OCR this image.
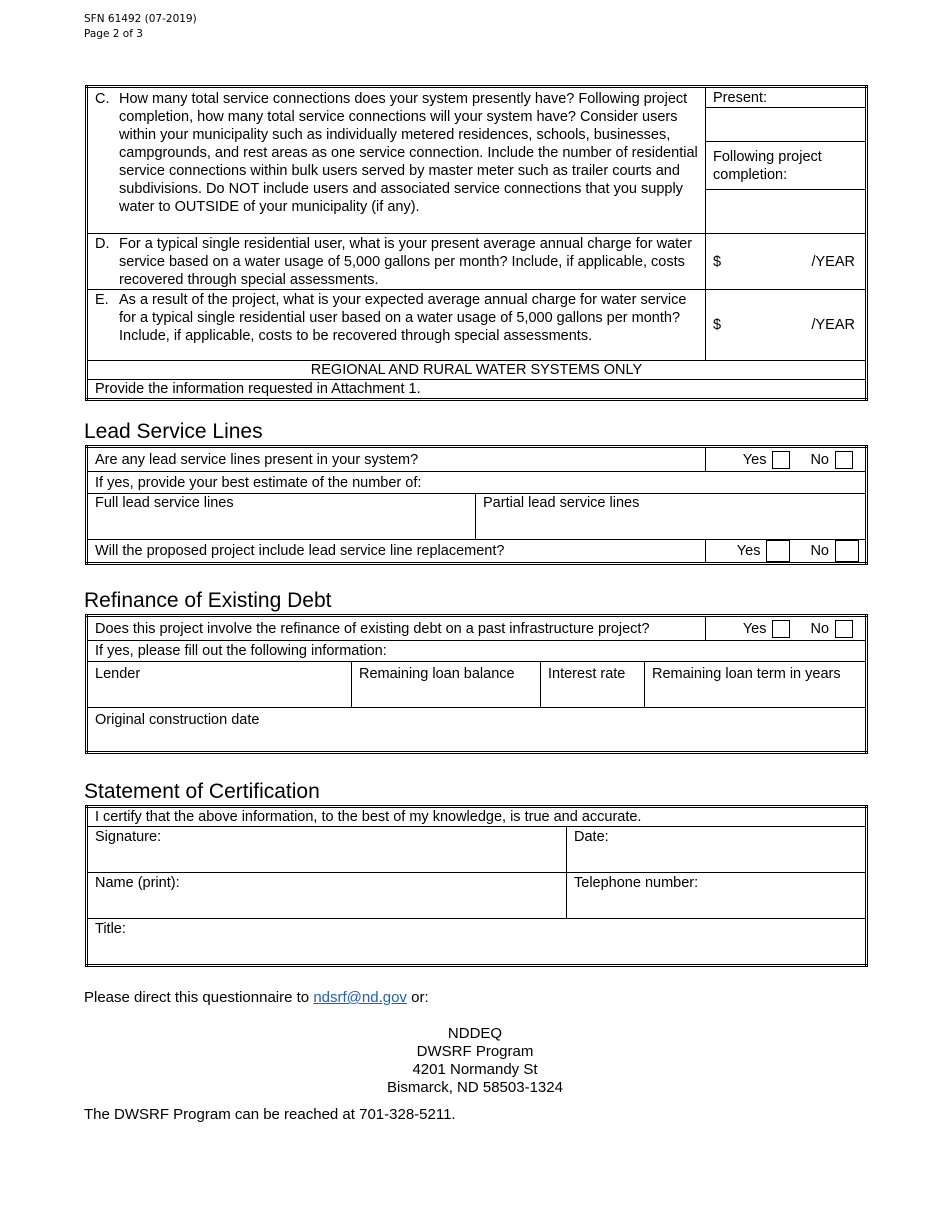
SFN 61492 (07-2019)
Page 2 of 3
C. How many total service connections does your system presently have? Following project completion, how many total service connections will your system have? Consider users within your municipality such as individually metered residences, schools, businesses, campgrounds, and rest areas as one service connection. Include the number of residential service connections within bulk users served by master meter such as trailer courts and subdivisions. Do NOT include users and associated service connections that you supply water to OUTSIDE of your municipality (if any).	Present:

	Following project completion:

D. For a typical single residential user, what is your present average annual charge for water service based on a water usage of 5,000 gallons per month? Include, if applicable, costs recovered through special assessments.	$ /YEAR

E. As a result of the project, what is your expected average annual charge for water service for a typical single residential user based on a water usage of 5,000 gallons per month? Include, if applicable, costs to be recovered through special assessments.	$ /YEAR

REGIONAL AND RURAL WATER SYSTEMS ONLY	
Provide the information requested in Attachment 1.	
Lead Service Lines
Are any lead service lines present in your system?		Yes No

If yes, provide your best estimate of the number of:		
Full lead service lines	Partial lead service lines	
Will the proposed project include lead service line replacement?		Yes No
Refinance of Existing Debt
Does this project involve the refinance of existing debt on a past infrastructure project?				Yes No

If yes, please fill out the following information:				
Lender	Remaining loan balance	Interest rate	Remaining loan term in years	
Original construction date				
Statement of Certification
I certify that the above information, to the best of my knowledge, is true and accurate.	
Signature:	Date:
Name (print):	Telephone number:
Title:	
Please direct this questionnaire to ndsrf@nd.gov or:
NDDEQ
DWSRF Program
4201 Normandy St
Bismarck, ND 58503-1324
The DWSRF Program can be reached at 701-328-5211.
